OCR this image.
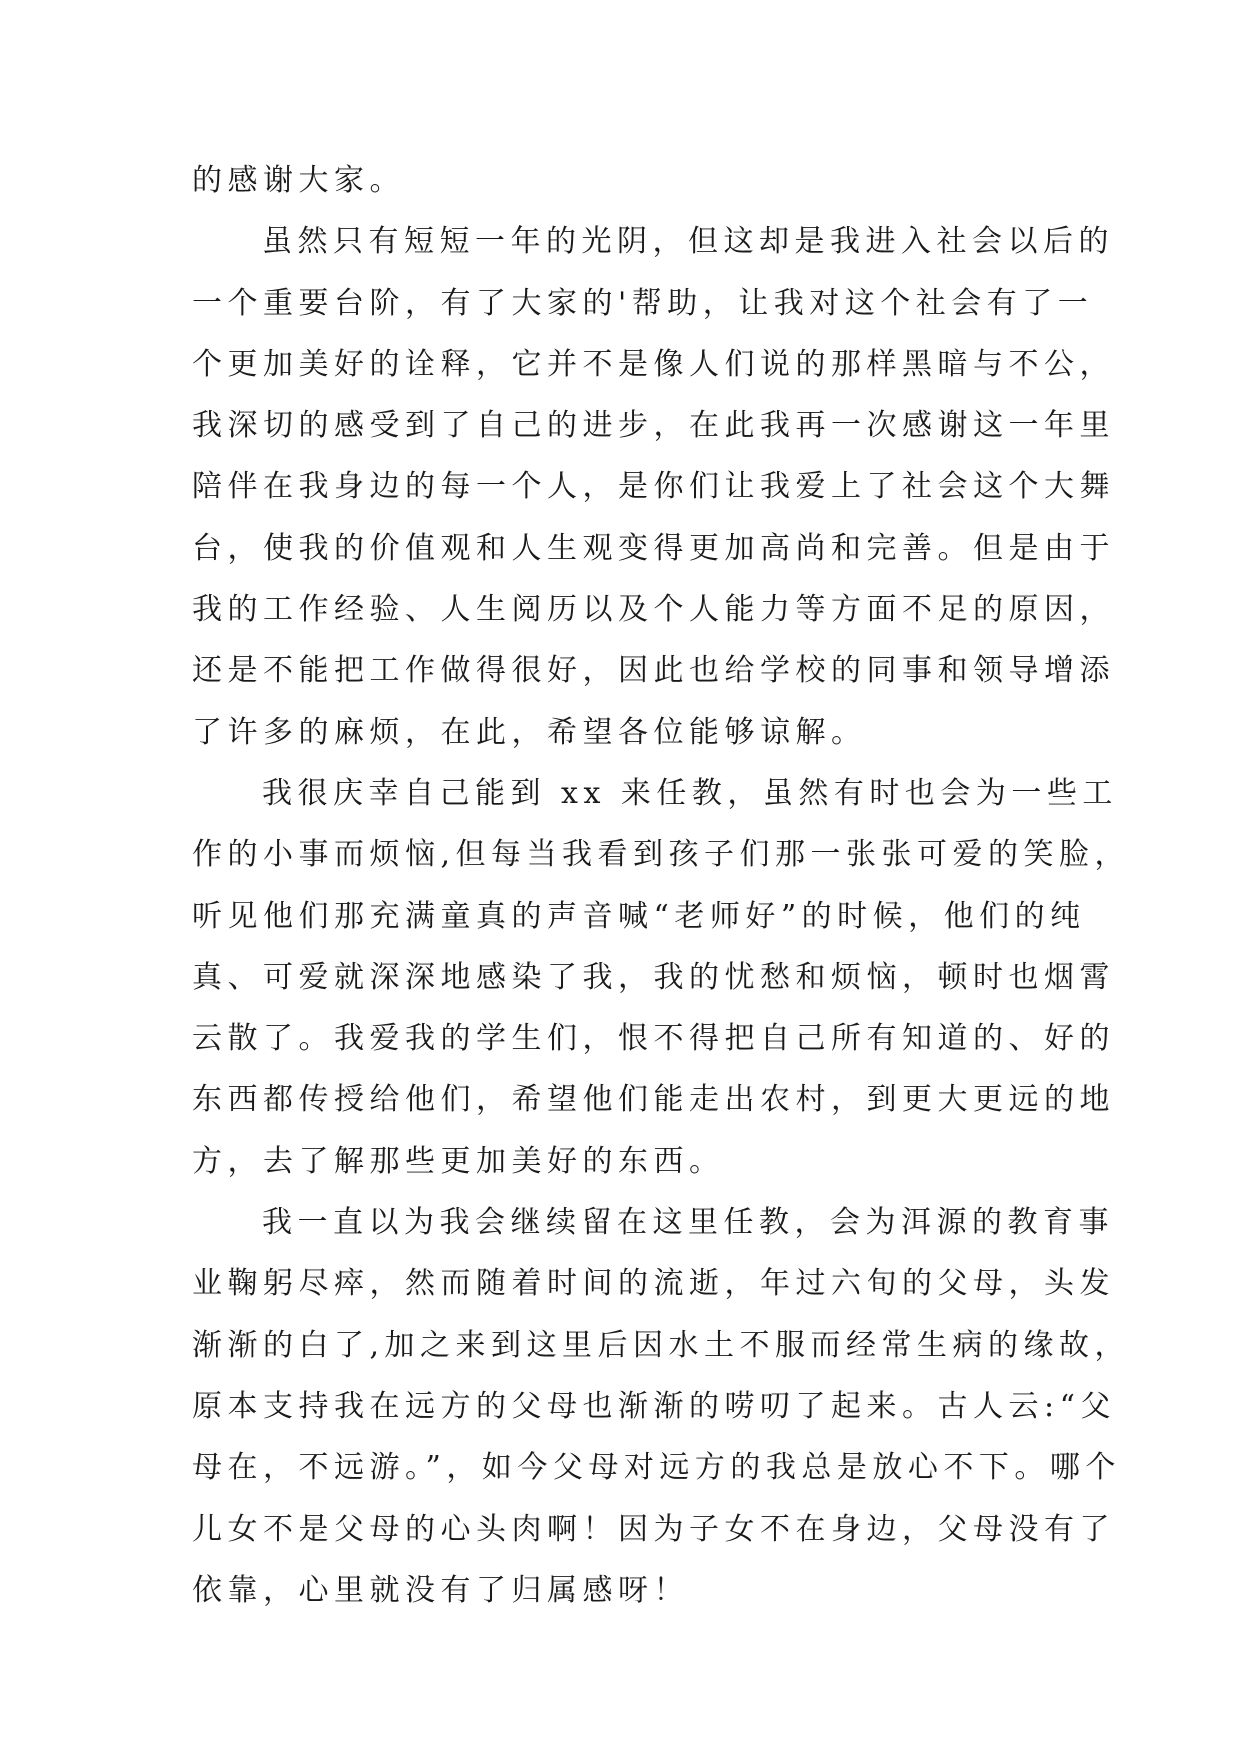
的感谢大家。
虽然只有短短一年的光阴，但这却是我进入社会以后的
一个重要台阶，有了大家的'帮助，让我对这个社会有了一
个更加美好的诠释，它并不是像人们说的那样黑暗与不公，
我深切的感受到了自己的进步，在此我再一次感谢这一年里
陪伴在我身边的每一个人，是你们让我爱上了社会这个大舞
台，使我的价值观和人生观变得更加高尚和完善。但是由于
我的工作经验、人生阅历以及个人能力等方面不足的原因，
还是不能把工作做得很好，因此也给学校的同事和领导增添
了许多的麻烦，在此，希望各位能够谅解。
我很庆幸自己能到 xx 来任教，虽然有时也会为一些工
作的小事而烦恼,但每当我看到孩子们那一张张可爱的笑脸，
听见他们那充满童真的声音喊“老师好”的时候，他们的纯
真、可爱就深深地感染了我，我的忧愁和烦恼，顿时也烟霄
云散了。我爱我的学生们，恨不得把自己所有知道的、好的
东西都传授给他们，希望他们能走出农村，到更大更远的地
方，去了解那些更加美好的东西。
我一直以为我会继续留在这里任教，会为洱源的教育事
业鞠躬尽瘁，然而随着时间的流逝，年过六旬的父母，头发
渐渐的白了,加之来到这里后因水土不服而经常生病的缘故，
原本支持我在远方的父母也渐渐的唠叨了起来。古人云:“父
母在，不远游。”，如今父母对远方的我总是放心不下。哪个
儿女不是父母的心头肉啊！因为子女不在身边，父母没有了
依靠，心里就没有了归属感呀！
